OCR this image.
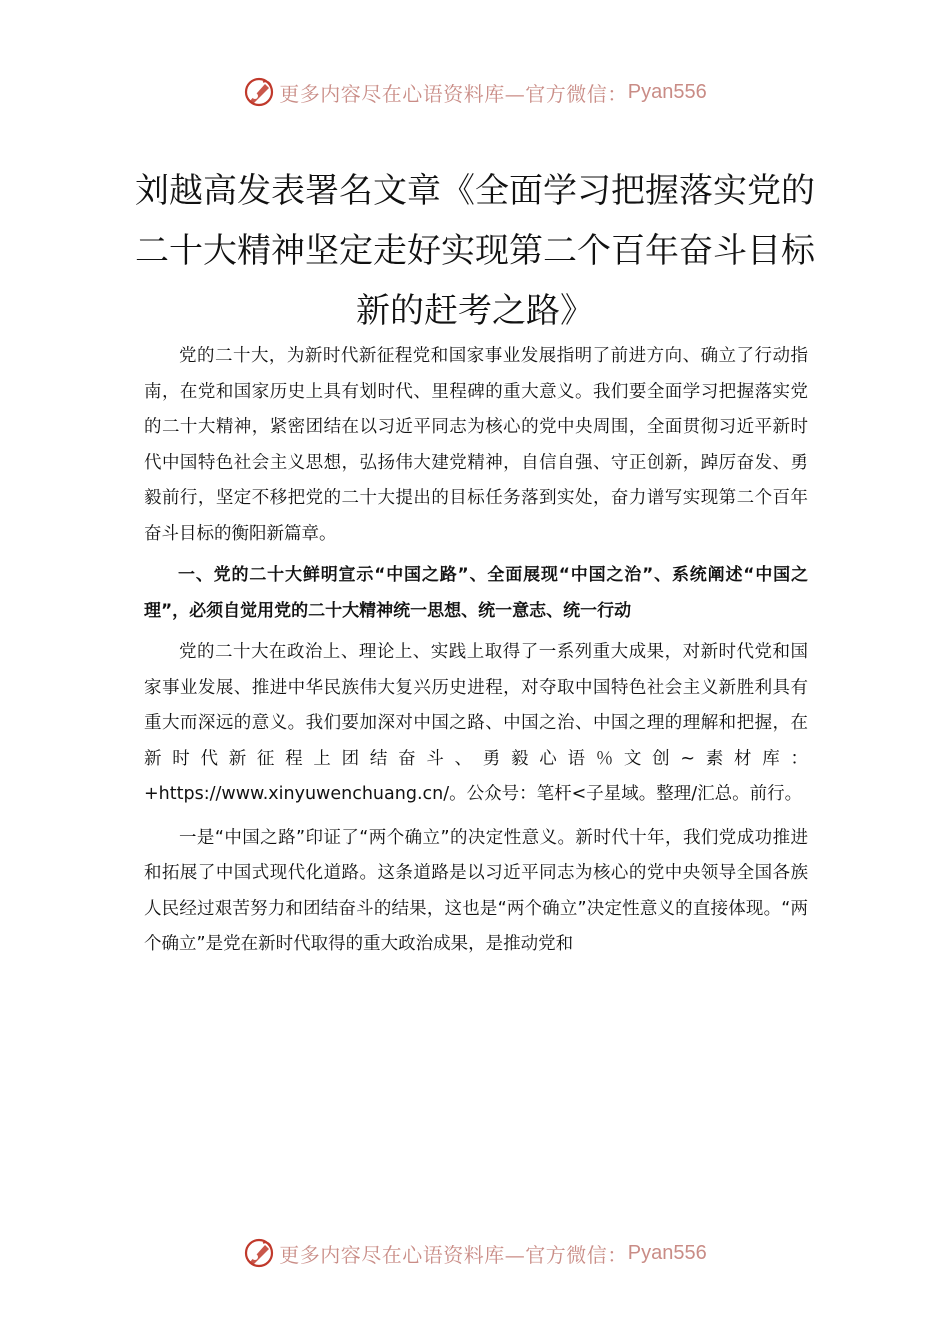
更多内容尽在心语资料库—官方微信： Pyan556
刘越高发表署名文章《全面学习把握落实党的二十大精神坚定走好实现第二个百年奋斗目标新的赶考之路》

党的二十大，为新时代新征程党和国家事业发展指明了前进方向、确立了行动指南，在党和国家历史上具有划时代、里程碑的重大意义。我们要全面学习把握落实党的二十大精神，紧密团结在以习近平同志为核心的党中央周围，全面贯彻习近平新时代中国特色社会主义思想，弘扬伟大建党精神，自信自强、守正创新，踔厉奋发、勇毅前行，坚定不移把党的二十大提出的目标任务落到实处，奋力谱写实现第二个百年奋斗目标的衡阳新篇章。

一、党的二十大鲜明宣示“中国之路”、全面展现“中国之治”、系统阐述“中国之理”，必须自觉用党的二十大精神统一思想、统一意志、统一行动

党的二十大在政治上、理论上、实践上取得了一系列重大成果，对新时代党和国家事业发展、推进中华民族伟大复兴历史进程，对夺取中国特色社会主义新胜利具有重大而深远的意义。我们要加深对中国之路、中国之治、中国之理的理解和把握，在新时代新征程上团结奋斗、勇毅心语％文创~素材库：+https://www.xinyuwenchuang.cn/。公众号：笔杆<子星域。整理/汇总。前行。

一是“中国之路”印证了“两个确立”的决定性意义。新时代十年，我们党成功推进和拓展了中国式现代化道路。这条道路是以习近平同志为核心的党中央领导全国各族人民经过艰苦努力和团结奋斗的结果，这也是“两个确立”决定性意义的直接体现。“两个确立”是党在新时代取得的重大政治成果，是推动党和

更多内容尽在心语资料库—官方微信： Pyan556
